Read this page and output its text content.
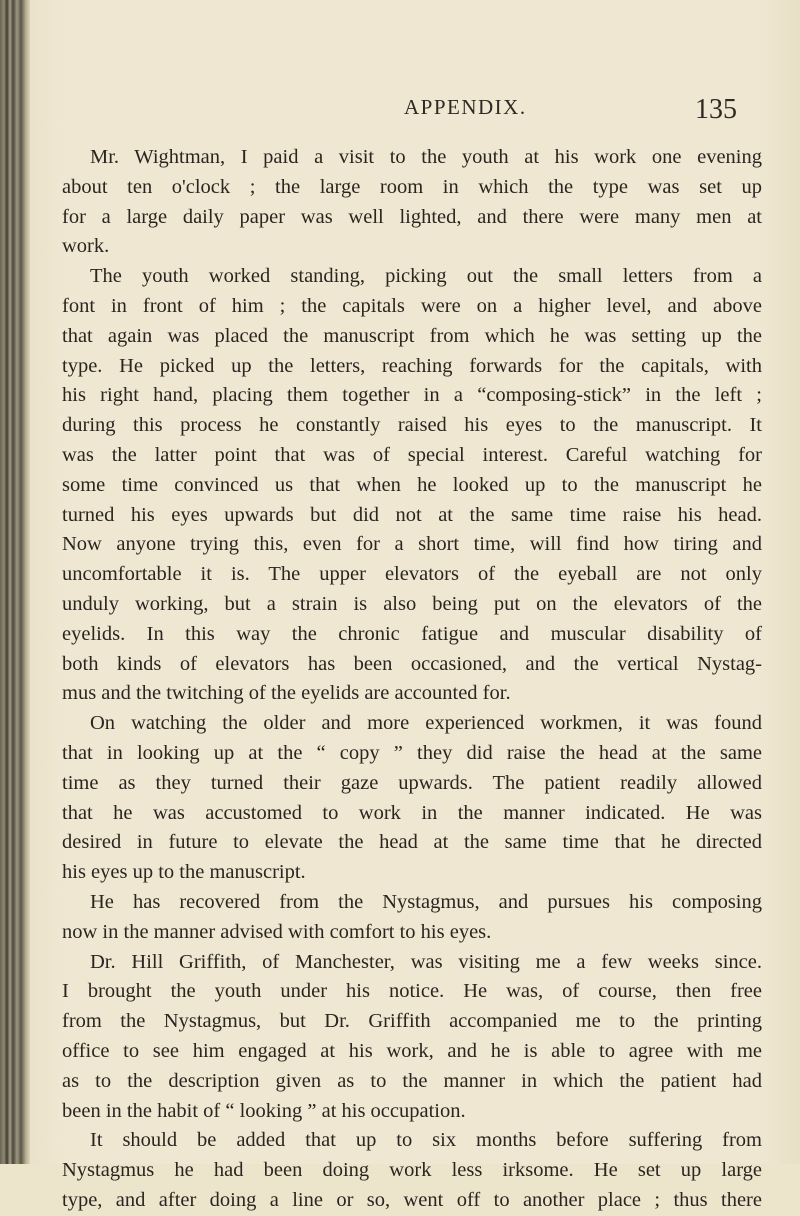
APPENDIX.	135
Mr. Wightman, I paid a visit to the youth at his work one evening
about ten o'clock ; the large room in which the type was set up
for a large daily paper was well lighted, and there were many men at
work.
The youth worked standing, picking out the small letters from a
font in front of him ; the capitals were on a higher level, and above
that again was placed the manuscript from which he was setting up the
type. He picked up the letters, reaching forwards for the capitals, with
his right hand, placing them together in a “composing-stick” in the left ;
during this process he constantly raised his eyes to the manuscript. It
was the latter point that was of special interest. Careful watching for
some time convinced us that when he looked up to the manuscript he
turned his eyes upwards but did not at the same time raise his head.
Now anyone trying this, even for a short time, will find how tiring and
uncomfortable it is. The upper elevators of the eyeball are not only
unduly working, but a strain is also being put on the elevators of the
eyelids. In this way the chronic fatigue and muscular disability of
both kinds of elevators has been occasioned, and the vertical Nystag-
mus and the twitching of the eyelids are accounted for.
On watching the older and more experienced workmen, it was found
that in looking up at the “ copy ” they did raise the head at the same
time as they turned their gaze upwards. The patient readily allowed
that he was accustomed to work in the manner indicated. He was
desired in future to elevate the head at the same time that he directed
his eyes up to the manuscript.
He has recovered from the Nystagmus, and pursues his composing
now in the manner advised with comfort to his eyes.
Dr. Hill Griffith, of Manchester, was visiting me a few weeks since.
I brought the youth under his notice. He was, of course, then free
from the Nystagmus, but Dr. Griffith accompanied me to the printing
office to see him engaged at his work, and he is able to agree with me
as to the description given as to the manner in which the patient had
been in the habit of “ looking ” at his occupation.
It should be added that up to six months before suffering from
Nystagmus he had been doing work less irksome. He set up large
type, and after doing a line or so, went off to another place ; thus there
